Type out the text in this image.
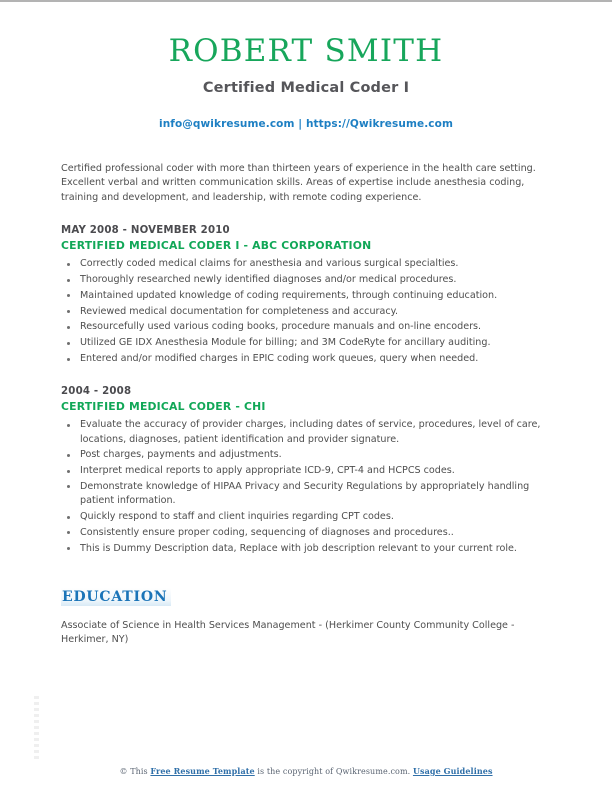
ROBERT SMITH
Certified Medical Coder I
info@qwikresume.com | https://Qwikresume.com
Certified professional coder with more than thirteen years of experience in the health care setting. Excellent verbal and written communication skills. Areas of expertise include anesthesia coding, training and development, and leadership, with remote coding experience.
MAY 2008 - NOVEMBER 2010
CERTIFIED MEDICAL CODER I - ABC CORPORATION
Correctly coded medical claims for anesthesia and various surgical specialties.
Thoroughly researched newly identified diagnoses and/or medical procedures.
Maintained updated knowledge of coding requirements, through continuing education.
Reviewed medical documentation for completeness and accuracy.
Resourcefully used various coding books, procedure manuals and on-line encoders.
Utilized GE IDX Anesthesia Module for billing; and 3M CodeRyte for ancillary auditing.
Entered and/or modified charges in EPIC coding work queues, query when needed.
2004 - 2008
CERTIFIED MEDICAL CODER - CHI
Evaluate the accuracy of provider charges, including dates of service, procedures, level of care, locations, diagnoses, patient identification and provider signature.
Post charges, payments and adjustments.
Interpret medical reports to apply appropriate ICD-9, CPT-4 and HCPCS codes.
Demonstrate knowledge of HIPAA Privacy and Security Regulations by appropriately handling patient information.
Quickly respond to staff and client inquiries regarding CPT codes.
Consistently ensure proper coding, sequencing of diagnoses and procedures..
This is Dummy Description data, Replace with job description relevant to your current role.
EDUCATION
Associate of Science in Health Services Management - (Herkimer County Community College - Herkimer, NY)
© This Free Resume Template is the copyright of Qwikresume.com. Usage Guidelines
